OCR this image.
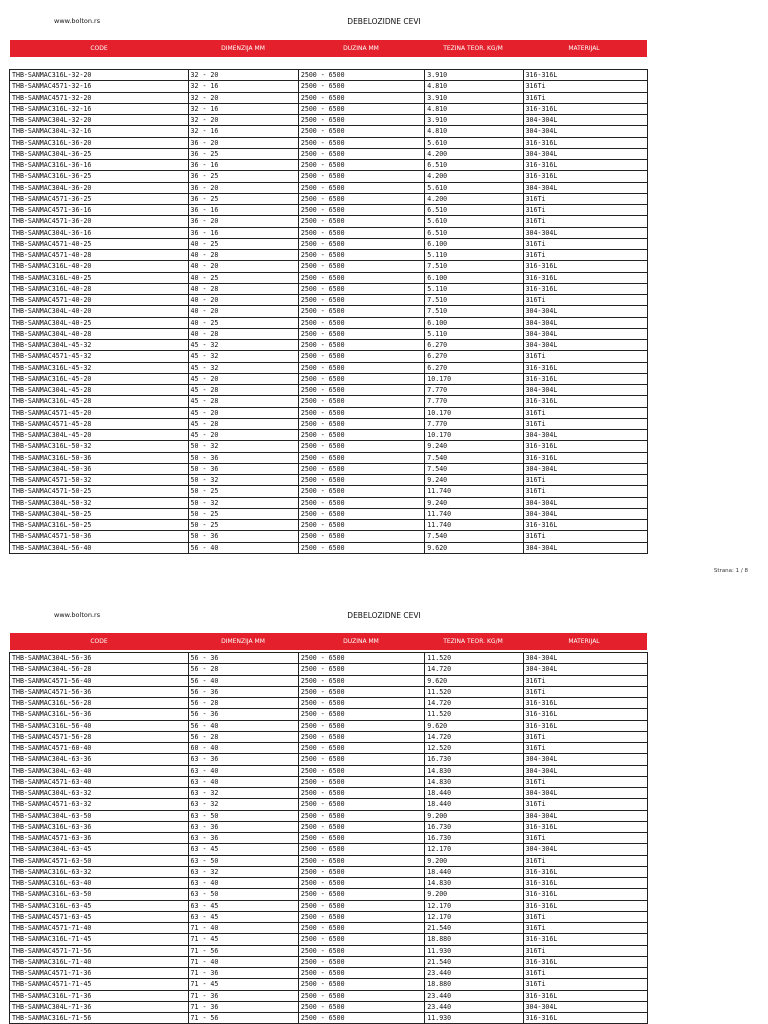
www.bolton.rs	DEBELOZIDNE CEVI
CODE	DIMENZIJA MM	DUZINA MM	TEZINA TEOR. KG/M	MATERIJAL
THB-SANMAC316L-32-20	32 - 20	2500 - 6500	3.910	316-316L
THB-SANMAC4571-32-16	32 - 16	2500 - 6500	4.810	316Ti
THB-SANMAC4571-32-20	32 - 20	2500 - 6500	3.910	316Ti
THB-SANMAC316L-32-16	32 - 16	2500 - 6500	4.810	316-316L
THB-SANMAC304L-32-20	32 - 20	2500 - 6500	3.910	304-304L
THB-SANMAC304L-32-16	32 - 16	2500 - 6500	4.810	304-304L
THB-SANMAC316L-36-20	36 - 20	2500 - 6500	5.610	316-316L
THB-SANMAC304L-36-25	36 - 25	2500 - 6500	4.200	304-304L
THB-SANMAC316L-36-16	36 - 16	2500 - 6500	6.510	316-316L
THB-SANMAC316L-36-25	36 - 25	2500 - 6500	4.200	316-316L
THB-SANMAC304L-36-20	36 - 20	2500 - 6500	5.610	304-304L
THB-SANMAC4571-36-25	36 - 25	2500 - 6500	4.200	316Ti
THB-SANMAC4571-36-16	36 - 16	2500 - 6500	6.510	316Ti
THB-SANMAC4571-36-20	36 - 20	2500 - 6500	5.610	316Ti
THB-SANMAC304L-36-16	36 - 16	2500 - 6500	6.510	304-304L
THB-SANMAC4571-40-25	40 - 25	2500 - 6500	6.100	316Ti
THB-SANMAC4571-40-28	40 - 28	2500 - 6500	5.110	316Ti
THB-SANMAC316L-40-20	40 - 20	2500 - 6500	7.510	316-316L
THB-SANMAC316L-40-25	40 - 25	2500 - 6500	6.100	316-316L
THB-SANMAC316L-40-28	40 - 28	2500 - 6500	5.110	316-316L
THB-SANMAC4571-40-20	40 - 20	2500 - 6500	7.510	316Ti
THB-SANMAC304L-40-20	40 - 20	2500 - 6500	7.510	304-304L
THB-SANMAC304L-40-25	40 - 25	2500 - 6500	6.100	304-304L
THB-SANMAC304L-40-28	40 - 28	2500 - 6500	5.110	304-304L
THB-SANMAC304L-45-32	45 - 32	2500 - 6500	6.270	304-304L
THB-SANMAC4571-45-32	45 - 32	2500 - 6500	6.270	316Ti
THB-SANMAC316L-45-32	45 - 32	2500 - 6500	6.270	316-316L
THB-SANMAC316L-45-20	45 - 20	2500 - 6500	10.170	316-316L
THB-SANMAC304L-45-28	45 - 28	2500 - 6500	7.770	304-304L
THB-SANMAC316L-45-28	45 - 28	2500 - 6500	7.770	316-316L
THB-SANMAC4571-45-20	45 - 20	2500 - 6500	10.170	316Ti
THB-SANMAC4571-45-28	45 - 28	2500 - 6500	7.770	316Ti
THB-SANMAC304L-45-20	45 - 20	2500 - 6500	10.170	304-304L
THB-SANMAC316L-50-32	50 - 32	2500 - 6500	9.240	316-316L
THB-SANMAC316L-50-36	50 - 36	2500 - 6500	7.540	316-316L
THB-SANMAC304L-50-36	50 - 36	2500 - 6500	7.540	304-304L
THB-SANMAC4571-50-32	50 - 32	2500 - 6500	9.240	316Ti
THB-SANMAC4571-50-25	50 - 25	2500 - 6500	11.740	316Ti
THB-SANMAC304L-50-32	50 - 32	2500 - 6500	9.240	304-304L
THB-SANMAC304L-50-25	50 - 25	2500 - 6500	11.740	304-304L
THB-SANMAC316L-50-25	50 - 25	2500 - 6500	11.740	316-316L
THB-SANMAC4571-50-36	50 - 36	2500 - 6500	7.540	316Ti
THB-SANMAC304L-56-40	56 - 40	2500 - 6500	9.620	304-304L
Strana: 1 / 8
www.bolton.rs	DEBELOZIDNE CEVI
CODE	DIMENZIJA MM	DUZINA MM	TEZINA TEOR. KG/M	MATERIJAL
THB-SANMAC304L-56-36	56 - 36	2500 - 6500	11.520	304-304L
THB-SANMAC304L-56-28	56 - 28	2500 - 6500	14.720	304-304L
THB-SANMAC4571-56-40	56 - 40	2500 - 6500	9.620	316Ti
THB-SANMAC4571-56-36	56 - 36	2500 - 6500	11.520	316Ti
THB-SANMAC316L-56-28	56 - 28	2500 - 6500	14.720	316-316L
THB-SANMAC316L-56-36	56 - 36	2500 - 6500	11.520	316-316L
THB-SANMAC316L-56-40	56 - 40	2500 - 6500	9.620	316-316L
THB-SANMAC4571-56-28	56 - 28	2500 - 6500	14.720	316Ti
THB-SANMAC4571-60-40	60 - 40	2500 - 6500	12.520	316Ti
THB-SANMAC304L-63-36	63 - 36	2500 - 6500	16.730	304-304L
THB-SANMAC304L-63-40	63 - 40	2500 - 6500	14.830	304-304L
THB-SANMAC4571-63-40	63 - 40	2500 - 6500	14.830	316Ti
THB-SANMAC304L-63-32	63 - 32	2500 - 6500	18.440	304-304L
THB-SANMAC4571-63-32	63 - 32	2500 - 6500	18.440	316Ti
THB-SANMAC304L-63-50	63 - 50	2500 - 6500	9.200	304-304L
THB-SANMAC316L-63-36	63 - 36	2500 - 6500	16.730	316-316L
THB-SANMAC4571-63-36	63 - 36	2500 - 6500	16.730	316Ti
THB-SANMAC304L-63-45	63 - 45	2500 - 6500	12.170	304-304L
THB-SANMAC4571-63-50	63 - 50	2500 - 6500	9.200	316Ti
THB-SANMAC316L-63-32	63 - 32	2500 - 6500	18.440	316-316L
THB-SANMAC316L-63-40	63 - 40	2500 - 6500	14.830	316-316L
THB-SANMAC316L-63-50	63 - 50	2500 - 6500	9.200	316-316L
THB-SANMAC316L-63-45	63 - 45	2500 - 6500	12.170	316-316L
THB-SANMAC4571-63-45	63 - 45	2500 - 6500	12.170	316Ti
THB-SANMAC4571-71-40	71 - 40	2500 - 6500	21.540	316Ti
THB-SANMAC316L-71-45	71 - 45	2500 - 6500	18.880	316-316L
THB-SANMAC4571-71-56	71 - 56	2500 - 6500	11.930	316Ti
THB-SANMAC316L-71-40	71 - 40	2500 - 6500	21.540	316-316L
THB-SANMAC4571-71-36	71 - 36	2500 - 6500	23.440	316Ti
THB-SANMAC4571-71-45	71 - 45	2500 - 6500	18.880	316Ti
THB-SANMAC316L-71-36	71 - 36	2500 - 6500	23.440	316-316L
THB-SANMAC304L-71-36	71 - 36	2500 - 6500	23.440	304-304L
THB-SANMAC316L-71-56	71 - 56	2500 - 6500	11.930	316-316L
